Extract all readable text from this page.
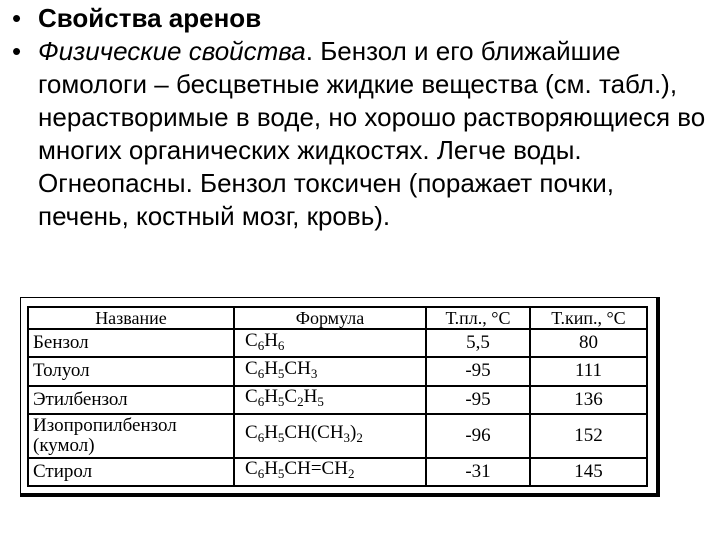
• Свойства аренов
• Физические свойства. Бензол и его ближайшие гомологи – бесцветные жидкие вещества (см. табл.), нерастворимые в воде, но хорошо растворяющиеся во многих органических жидкостях. Легче воды. Огнеопасны. Бензол токсичен (поражает почки, печень, костный мозг, кровь).
Название	Формула	Т.пл., °С	Т.кип., °С
Бензол	$C_6H_6$	5,5	80
Толуол	$C_6H_5CH_3$	-95	111
Этилбензол	$C_6H_5C_2H_5$	-95	136
Изопропилбензол
(кумол)	$C_6H_5CH(CH_3)_2$	-96	152
Стирол	$C_6H_5CH=CH_2$	-31	145
